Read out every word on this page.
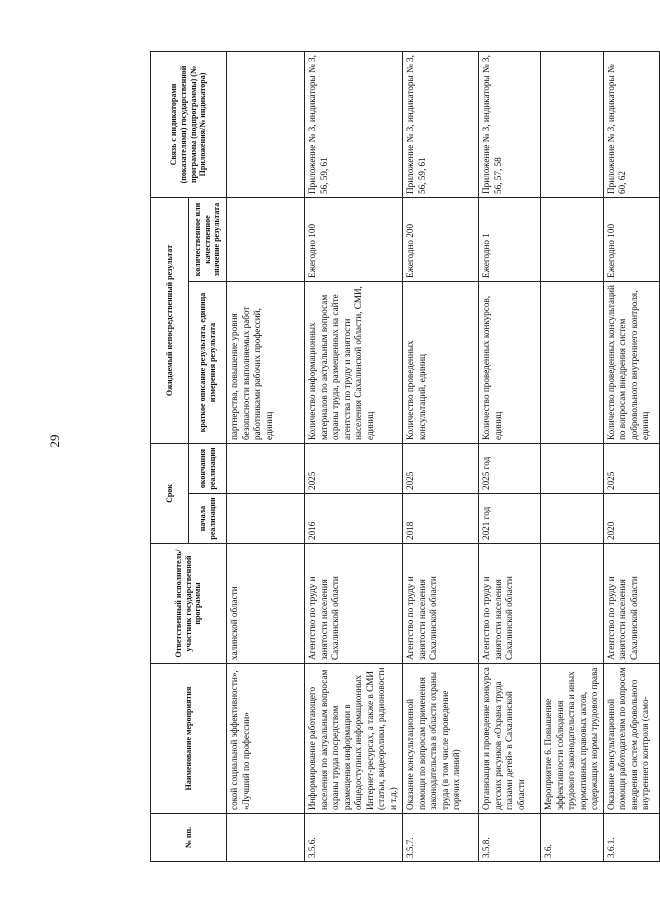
29
№ пп.	Наименование мероприятия	Ответственный исполнитель/участник государственной программы	Срок		Ожидаемый непосредственный результат		Связь с индикаторами (показателями) государственной программы (подпрограммы) (№ Приложения/№ индикатора)
			начала реализации	окончания реализации	краткое описание результата, единица измерения результата	количественное или качественное значение результата	
	сокой социальной эффективности», «Лучший по профессии»	халинской области			партнерства, повышение уровня безопасности выполняемых работ работниками рабочих профессий, единиц		
3.5.6.	Информирование работающего населения по актуальным вопросам охраны труда посредством размещения информации в общедоступных информационных Интернет-ресурсах, а также в СМИ (статьи, видеоролики, радионовости и т.д.)	Агентство по труду и занятости населения Сахалинской области	2016	2025	Количество информационных материалов по актуальным вопросам охраны труда, размещенных на сайте агентства по труду и занятости населения Сахалинской области, СМИ, единиц	Ежегодно 100	Приложение № 3, индикаторы № 3, 56, 59, 61
3.5.7.	Оказание консультационной помощи по вопросам применения законодательства в области охраны труда (в том числе проведение горячих линий)	Агентство по труду и занятости населения Сахалинской области	2018	2025	Количество проведенных консультаций, единиц	Ежегодно 200	Приложение № 3, индикаторы № 3, 56, 59, 61
3.5.8.	Организация и проведение конкурса детских рисунков «Охрана труда глазами детей» в Сахалинской области	Агентство по труду и занятости населения Сахалинской области	2021 год	2025 год	Количество проведенных конкурсов, единиц	Ежегодно 1	Приложение № 3, индикаторы № 3, 56, 57, 58
3.6.	Мероприятие 6. Повышение эффективности соблюдения трудового законодательства и иных нормативных правовых актов, содержащих нормы трудового права						
3.6.1.	Оказание консультационной помощи работодателям по вопросам внедрения систем добровольного внутреннего контроля (само-	Агентство по труду и занятости населения Сахалинской области	2020	2025	Количество проведенных консультаций по вопросам внедрения систем добровольного внутреннего контроля, единиц	Ежегодно 100	Приложение № 3, индикаторы № 60, 62
